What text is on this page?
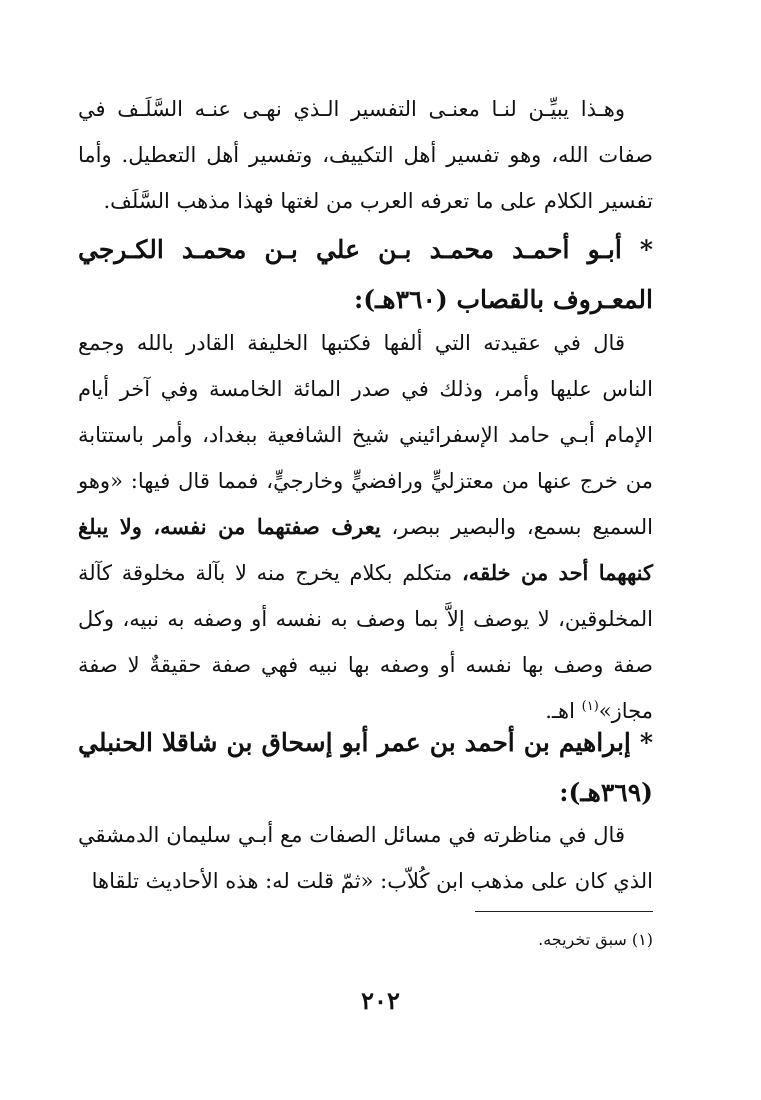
وهـذا يبيِّـن لنـا معنـى التفسير الـذي نهـى عنـه السَّلَـف في صفات الله، وهو تفسير أهل التكييف، وتفسير أهل التعطيل. وأما تفسير الكلام على ما تعرفه العرب من لغتها فهذا مذهب السَّلَف.
* أبـو أحمـد محمـد بـن علي بـن محمـد الكـرجي المعـروف بالقصاب (٣٦٠هـ):
قال في عقيدته التي ألفها فكتبها الخليفة القادر بالله وجمع الناس عليها وأمر، وذلك في صدر المائة الخامسة وفي آخر أيام الإمام أبـي حامد الإسفرائيني شيخ الشافعية ببغداد، وأمر باستتابة من خرج عنها من معتزليٍّ ورافضيٍّ وخارجيٍّ، فمما قال فيها: «وهو السميع بسمع، والبصير ببصر، يعرف صفتهما من نفسه، ولا يبلغ كنههما أحد من خلقه، متكلم بكلام يخرج منه لا بآلة مخلوقة كآلة المخلوقين، لا يوصف إلاَّ بما وصف به نفسه أو وصفه به نبيه، وكل صفة وصف بها نفسه أو وصفه بها نبيه فهي صفة حقيقةٌ لا صفة مجاز»$^{(١)}$ اهـ.
* إبراهيم بن أحمد بن عمر أبو إسحاق بن شاقلا الحنبلي (٣٦٩هـ):
قال في مناظرته في مسائل الصفات مع أبـي سليمان الدمشقي الذي كان على مذهب ابن كُلاّب: «ثمّ قلت له: هذه الأحاديث تلقاها
(١) سبق تخريجه.
٢٠٢
